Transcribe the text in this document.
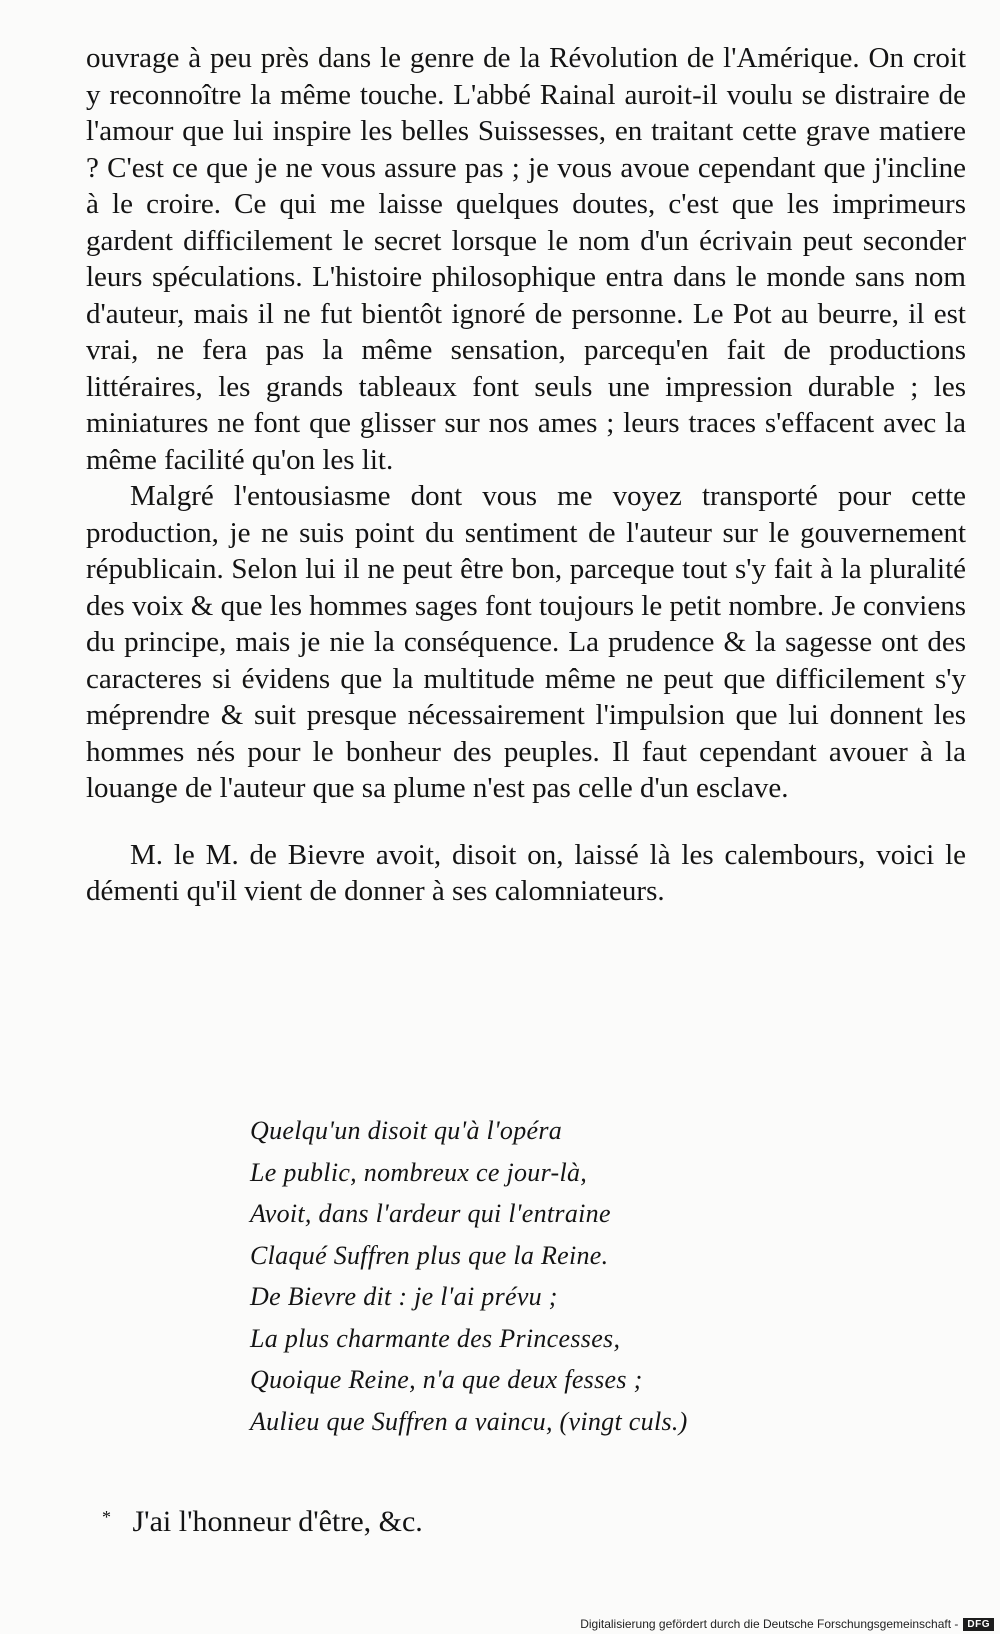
ouvrage à peu près dans le genre de la Révolution de l'Amérique. On croit y reconnoître la même touche. L'abbé Rainal auroit-il voulu se distraire de l'amour que lui inspire les belles Suissesses, en traitant cette grave matiere ? C'est ce que je ne vous assure pas ; je vous avoue cependant que j'incline à le croire. Ce qui me laisse quelques doutes, c'est que les imprimeurs gardent difficilement le secret lorsque le nom d'un écrivain peut seconder leurs spéculations. L'histoire philosophique entra dans le monde sans nom d'auteur, mais il ne fut bientôt ignoré de personne. Le Pot au beurre, il est vrai, ne fera pas la même sensation, parcequ'en fait de productions littéraires, les grands tableaux font seuls une impression durable ; les miniatures ne font que glisser sur nos ames ; leurs traces s'effacent avec la même facilité qu'on les lit.

Malgré l'entousiasme dont vous me voyez transporté pour cette production, je ne suis point du sentiment de l'auteur sur le gouvernement républicain. Selon lui il ne peut être bon, parceque tout s'y fait à la pluralité des voix & que les hommes sages font toujours le petit nombre. Je conviens du principe, mais je nie la conséquence. La prudence & la sagesse ont des caracteres si évidens que la multitude même ne peut que difficilement s'y méprendre & suit presque nécessairement l'impulsion que lui donnent les hommes nés pour le bonheur des peuples. Il faut cependant avouer à la louange de l'auteur que sa plume n'est pas celle d'un esclave.

M. le M. de Bievre avoit, disoit on, laissé là les calembours, voici le démenti qu'il vient de donner à ses calomniateurs.

Quelqu'un disoit qu'à l'opéra
Le public, nombreux ce jour-là,
Avoit, dans l'ardeur qui l'entraine
Claqué Suffren plus que la Reine.
De Bievre dit : je l'ai prévu ;
La plus charmante des Princesses,
Quoique Reine, n'a que deux fesses ;
Aulieu que Suffren a vaincu, (vingt culs.)
* J'ai l'honneur d'être, &c.
Digitalisierung gefördert durch die Deutsche Forschungsgemeinschaft - DFG
